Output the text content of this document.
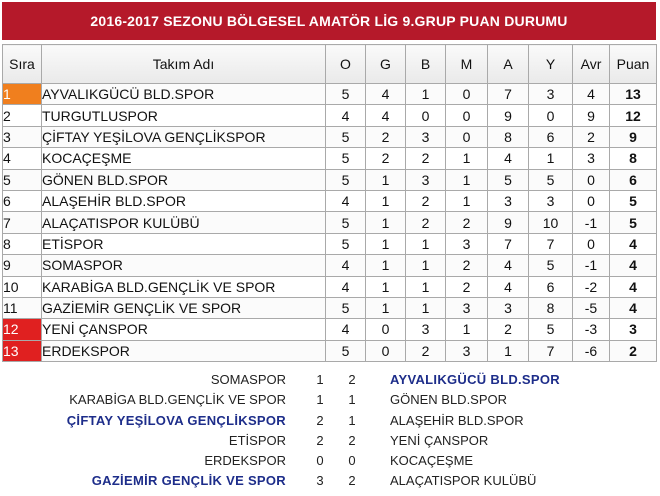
2016-2017 SEZONU BÖLGESEL AMATÖR LİG 9.GRUP PUAN DURUMU
Sıra	Takım Adı	O	G	B	M	A	Y	Avr	Puan
1	AYVALIKGÜCÜ BLD.SPOR	5	4	1	0	7	3	4	13
2	TURGUTLUSPOR	4	4	0	0	9	0	9	12
3	ÇİFTAY YEŞİLOVA GENÇLİKSPOR	5	2	3	0	8	6	2	9
4	KOCAÇEŞME	5	2	2	1	4	1	3	8
5	GÖNEN BLD.SPOR	5	1	3	1	5	5	0	6
6	ALAŞEHİR BLD.SPOR	4	1	2	1	3	3	0	5
7	ALAÇATISPOR KULÜBÜ	5	1	2	2	9	10	-1	5
8	ETİSPOR	5	1	1	3	7	7	0	4
9	SOMASPOR	4	1	1	2	4	5	-1	4
10	KARABİGA BLD.GENÇLİK VE SPOR	4	1	1	2	4	6	-2	4
11	GAZİEMİR GENÇLİK VE SPOR	5	1	1	3	3	8	-5	4
12	YENİ ÇANSPOR	4	0	3	1	2	5	-3	3
13	ERDEKSPOR	5	0	2	3	1	7	-6	2
SOMASPOR 1 2	AYVALIKGÜCÜ BLD.SPOR
KARABİGA BLD.GENÇLİK VE SPOR 1 1	GÖNEN BLD.SPOR
ÇİFTAY YEŞİLOVA GENÇLİKSPOR 2 1	ALAŞEHİR BLD.SPOR
ETİSPOR 2 2	YENİ ÇANSPOR
ERDEKSPOR 0 0	KOCAÇEŞME
GAZİEMİR GENÇLİK VE SPOR 3 2	ALAÇATISPOR KULÜBÜ
